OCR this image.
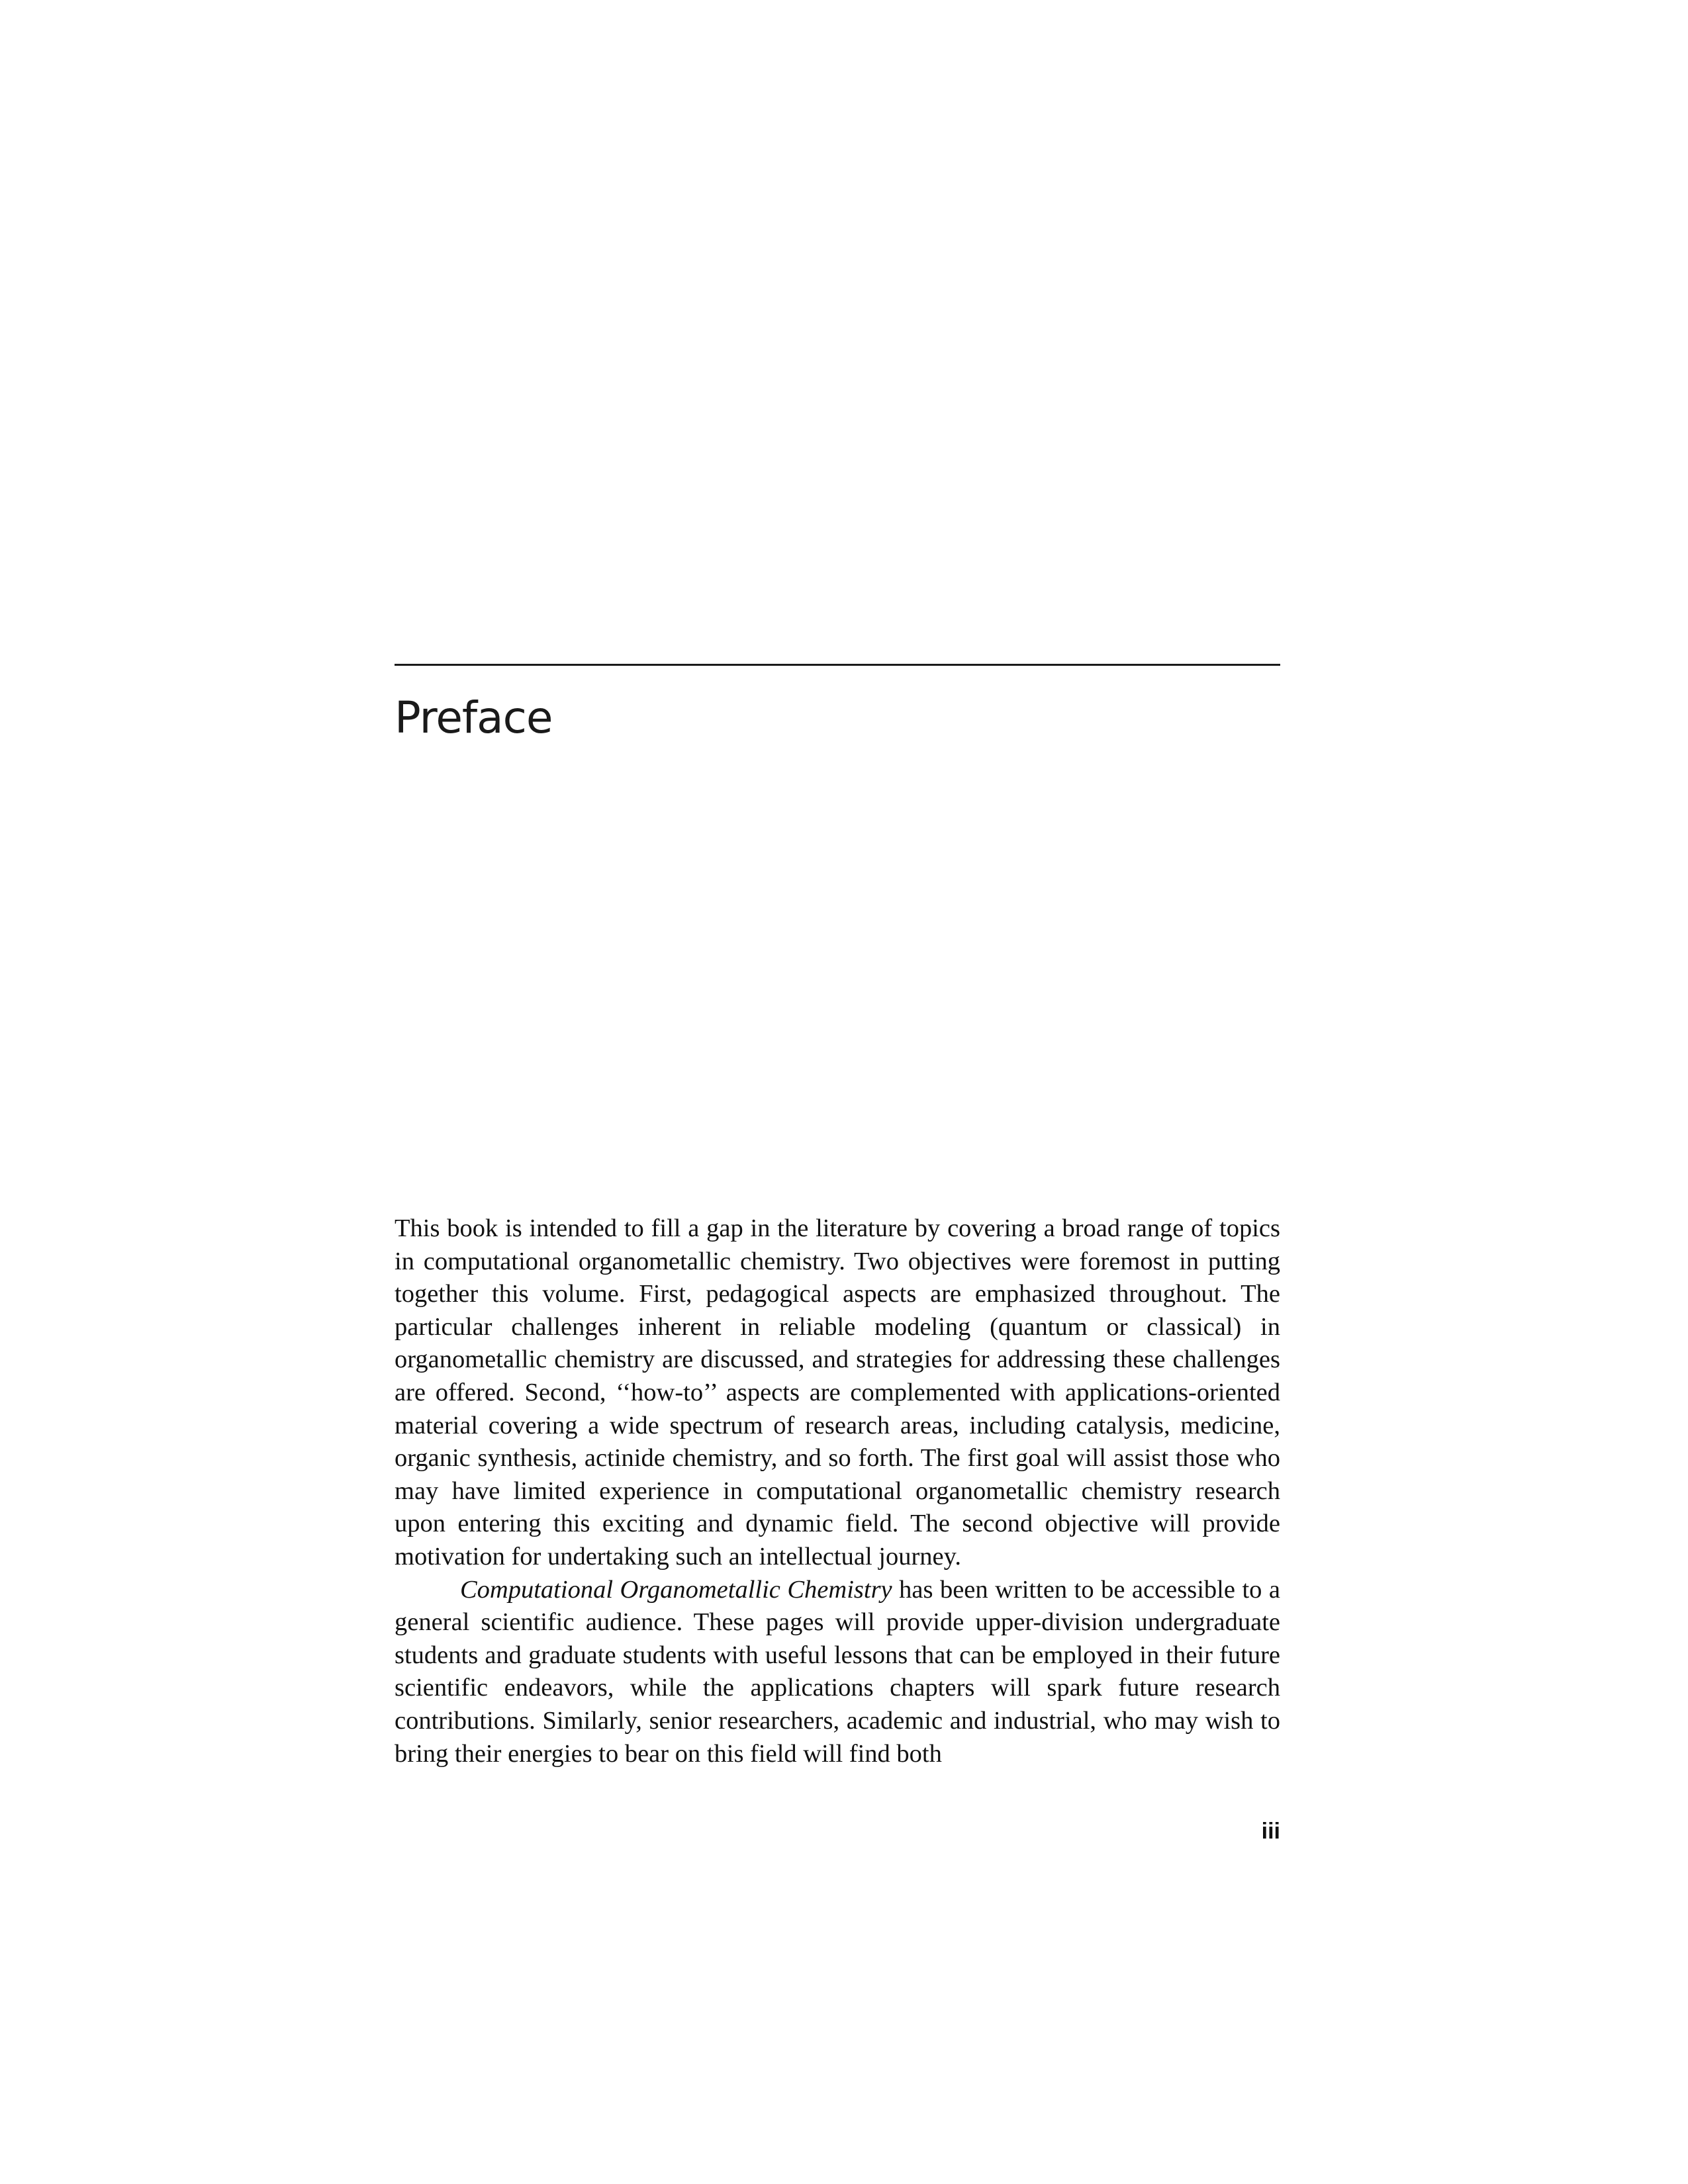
Preface

This book is intended to fill a gap in the literature by covering a broad range of topics in computational organometallic chemistry. Two objectives were foremost in putting together this volume. First, pedagogical aspects are emphasized throughout. The particular challenges inherent in reliable modeling (quantum or classical) in organometallic chemistry are discussed, and strategies for addressing these challenges are offered. Second, ‘‘how-to’’ aspects are complemented with applications-oriented material covering a wide spectrum of research areas, including catalysis, medicine, organic synthesis, actinide chemistry, and so forth. The first goal will assist those who may have limited experience in computational organometallic chemistry research upon entering this exciting and dynamic field. The second objective will provide motivation for undertaking such an intellectual journey.

Computational Organometallic Chemistry has been written to be accessible to a general scientific audience. These pages will provide upper-division undergraduate students and graduate students with useful lessons that can be employed in their future scientific endeavors, while the applications chapters will spark future research contributions. Similarly, senior researchers, academic and industrial, who may wish to bring their energies to bear on this field will find both

iii
